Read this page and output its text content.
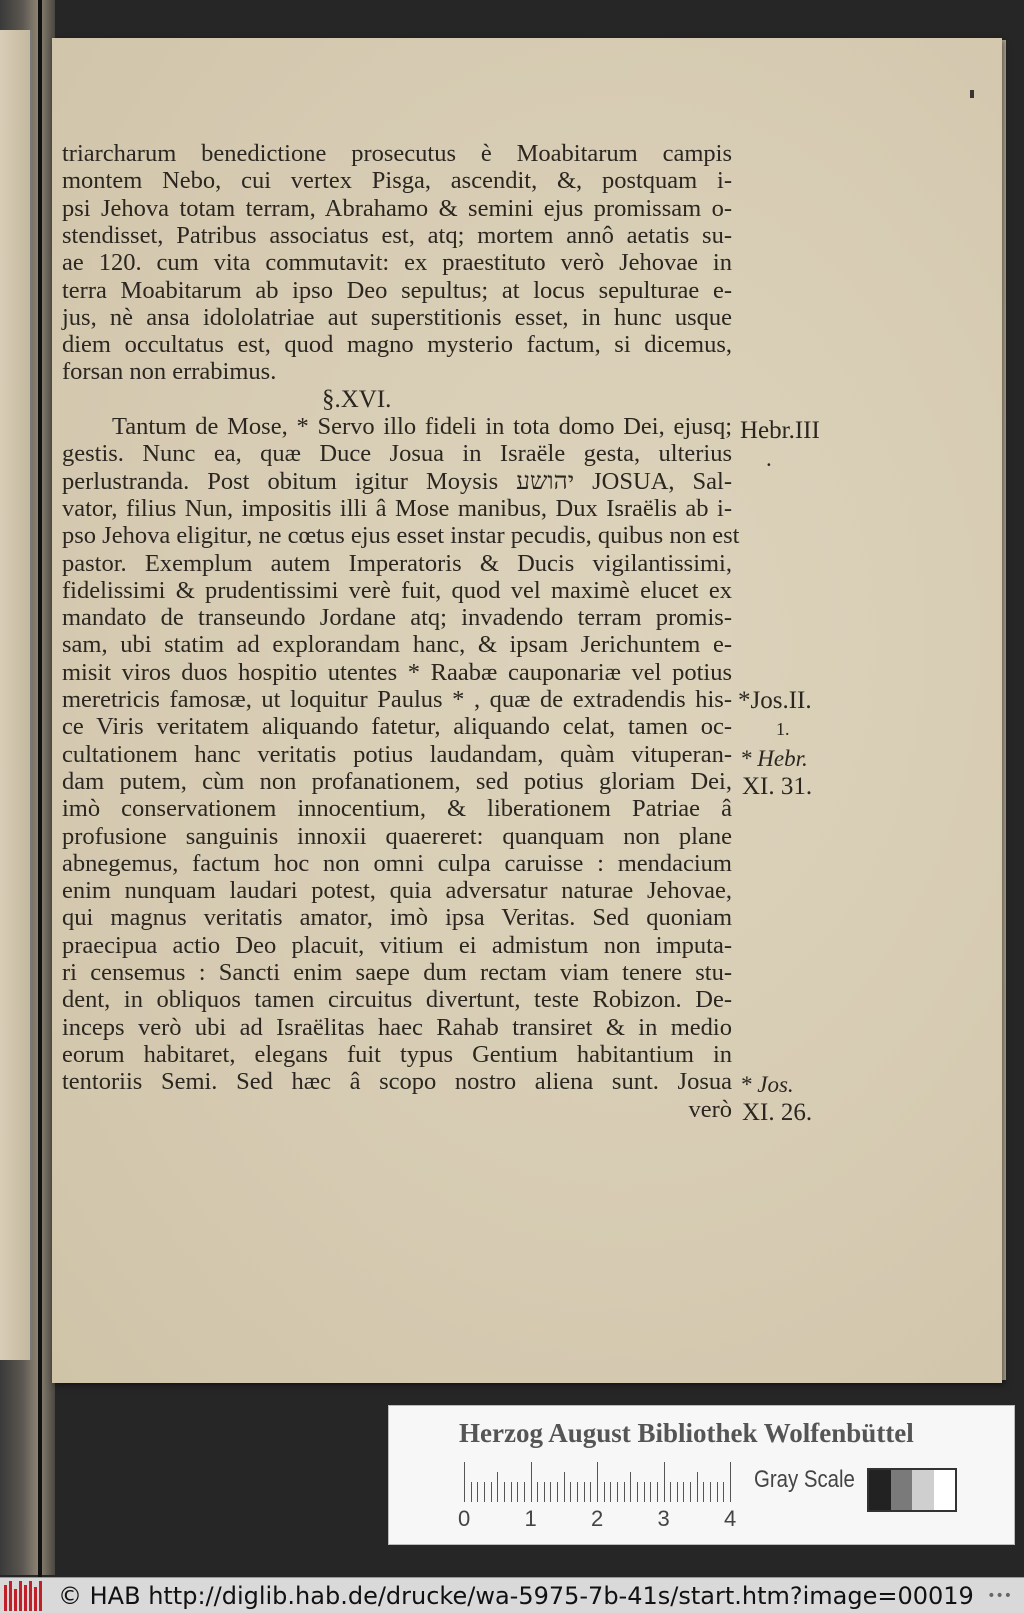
triarcharum benedictione prosecutus è Moabitarum campis
montem Nebo, cui vertex Pisga, ascendit, &, postquam i-
psi Jehova totam terram, Abrahamo & semini ejus promissam o-
stendisset, Patribus associatus est, atq; mortem annô aetatis su-
ae 120. cum vita commutavit: ex praestituto verò Jehovae in
terra Moabitarum ab ipso Deo sepultus; at locus sepulturae e-
jus, nè ansa idololatriae aut superstitionis esset, in hunc usque
diem occultatus est, quod magno mysterio factum, si dicemus,
forsan non errabimus.
§.XVI.
Tantum de Mose, * Servo illo fideli in tota domo Dei, ejusq;
gestis. Nunc ea, quæ Duce Josua in Israële gesta, ulterius
perlustranda. Post obitum igitur Moysis יהושע JOSUA, Sal-
vator, filius Nun, impositis illi â Mose manibus, Dux Israëlis ab i-
pso Jehova eligitur, ne cœtus ejus esset instar pecudis, quibus non est
pastor. Exemplum autem Imperatoris & Ducis vigilantissimi,
fidelissimi & prudentissimi verè fuit, quod vel maximè elucet ex
mandato de transeundo Jordane atq; invadendo terram promis-
sam, ubi statim ad explorandam hanc, & ipsam Jerichuntem e-
misit viros duos hospitio utentes * Raabæ cauponariæ vel potius
meretricis famosæ, ut loquitur Paulus * , quæ de extradendis his-
ce Viris veritatem aliquando fatetur, aliquando celat, tamen oc-
cultationem hanc veritatis potius laudandam, quàm vituperan-
dam putem, cùm non profanationem, sed potius gloriam Dei,
imò conservationem innocentium, & liberationem Patriae â
profusione sanguinis innoxii quaereret: quanquam non plane
abnegemus, factum hoc non omni culpa caruisse : mendacium
enim nunquam laudari potest, quia adversatur naturae Jehovae,
qui magnus veritatis amator, imò ipsa Veritas. Sed quoniam
praecipua actio Deo placuit, vitium ei admistum non imputa-
ri censemus : Sancti enim saepe dum rectam viam tenere stu-
dent, in obliquos tamen circuitus divertunt, teste Robizon. De-
inceps verò ubi ad Israëlitas haec Rahab transiret & in medio
eorum habitaret, elegans fuit typus Gentium habitantium in
tentoriis Semi. Sed hæc â scopo nostro aliena sunt. Josua
verò
Hebr.III
.
*Jos.II.
1.
* Hebr.
XI. 31.
* Jos.
XI. 26.
Herzog August Bibliothek Wolfenbüttel
Gray Scale
0 1 2 3 4
© HAB http://diglib.hab.de/drucke/wa-5975-7b-41s/start.htm?image=00019 •••
